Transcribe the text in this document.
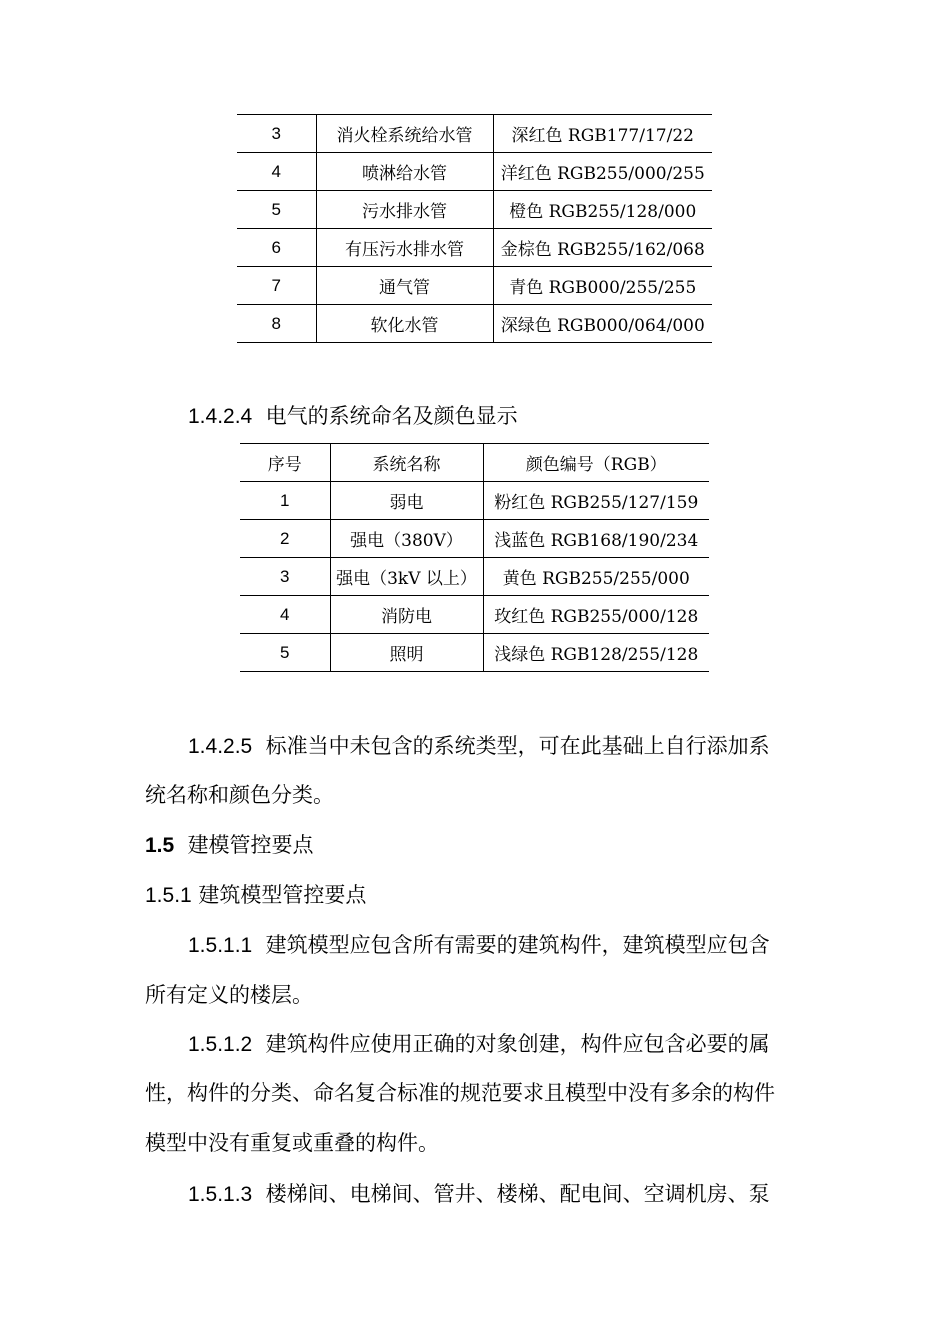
3	消火栓系统给水管	深红色 RGB177/17/22
4	喷淋给水管	洋红色 RGB255/000/255
5	污水排水管	橙色 RGB255/128/000
6	有压污水排水管	金棕色 RGB255/162/068
7	通气管	青色 RGB000/255/255
8	软化水管	深绿色 RGB000/064/000
1.4.2.4 电气的系统命名及颜色显示
序号	系统名称	颜色编号（RGB）
1	弱电	粉红色 RGB255/127/159
2	强电（380V）	浅蓝色 RGB168/190/234
3	强电（3kV 以上）	黄色 RGB255/255/000
4	消防电	玫红色 RGB255/000/128
5	照明	浅绿色 RGB128/255/128
1.4.2.5 标准当中未包含的系统类型，可在此基础上自行添加系
统名称和颜色分类。
1.5 建模管控要点
1.5.1 建筑模型管控要点
1.5.1.1 建筑模型应包含所有需要的建筑构件，建筑模型应包含
所有定义的楼层。
1.5.1.2 建筑构件应使用正确的对象创建，构件应包含必要的属
性，构件的分类、命名复合标准的规范要求且模型中没有多余的构件
模型中没有重复或重叠的构件。
1.5.1.3 楼梯间、电梯间、管井、楼梯、配电间、空调机房、泵
